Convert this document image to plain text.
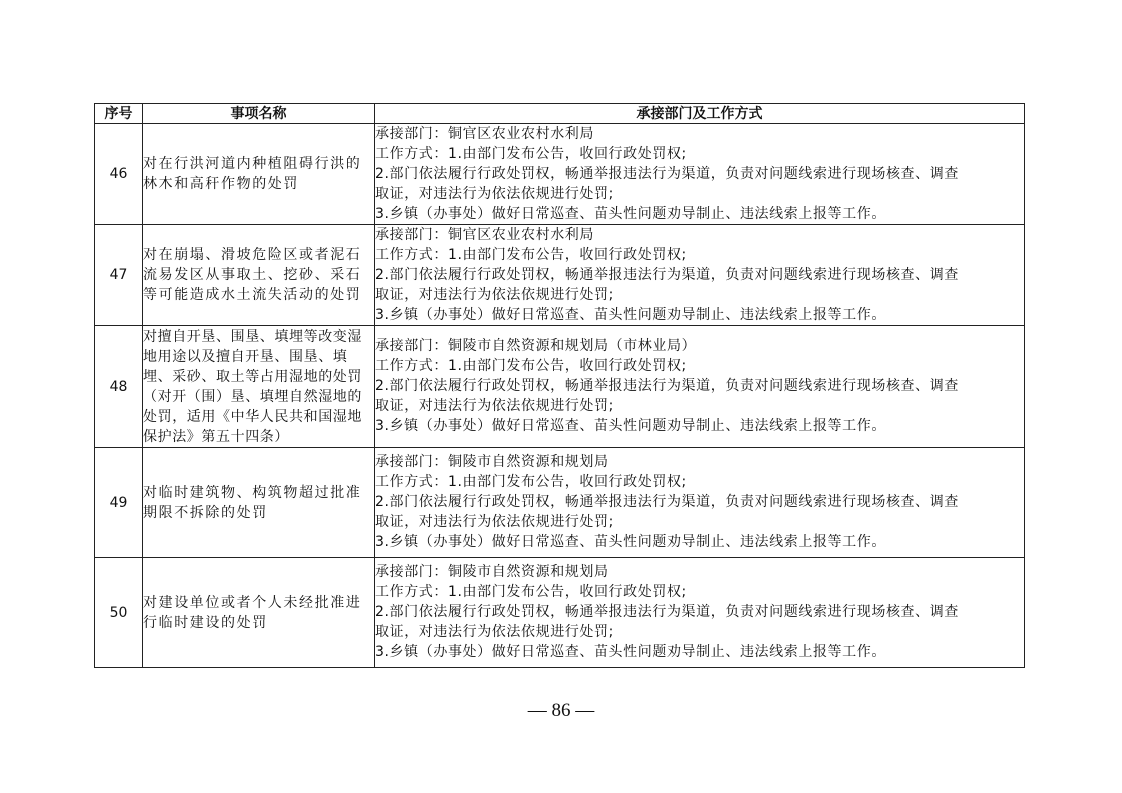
序号	事项名称	承接部门及工作方式
46	对在行洪河道内种植阻碍行洪的林木和高秆作物的处罚	承接部门：铜官区农业农村水利局
工作方式：1.由部门发布公告，收回行政处罚权;
2.部门依法履行行政处罚权，畅通举报违法行为渠道，负责对问题线索进行现场核查、调查
取证，对违法行为依法依规进行处罚;
3.乡镇（办事处）做好日常巡查、苗头性问题劝导制止、违法线索上报等工作。

47	对在崩塌、滑坡危险区或者泥石流易发区从事取土、挖砂、采石等可能造成水土流失活动的处罚	承接部门：铜官区农业农村水利局
工作方式：1.由部门发布公告，收回行政处罚权;
2.部门依法履行行政处罚权，畅通举报违法行为渠道，负责对问题线索进行现场核查、调查
取证，对违法行为依法依规进行处罚;
3.乡镇（办事处）做好日常巡查、苗头性问题劝导制止、违法线索上报等工作。

48	对擅自开垦、围垦、填埋等改变湿地用途以及擅自开垦、围垦、填埋、采砂、取土等占用湿地的处罚（对开（围）垦、填埋自然湿地的处罚，适用《中华人民共和国湿地保护法》第五十四条）	承接部门：铜陵市自然资源和规划局（市林业局）
工作方式：1.由部门发布公告，收回行政处罚权;
2.部门依法履行行政处罚权，畅通举报违法行为渠道，负责对问题线索进行现场核查、调查
取证，对违法行为依法依规进行处罚;
3.乡镇（办事处）做好日常巡查、苗头性问题劝导制止、违法线索上报等工作。

49	对临时建筑物、构筑物超过批准期限不拆除的处罚	承接部门：铜陵市自然资源和规划局
工作方式：1.由部门发布公告，收回行政处罚权;
2.部门依法履行行政处罚权，畅通举报违法行为渠道，负责对问题线索进行现场核查、调查
取证，对违法行为依法依规进行处罚;
3.乡镇（办事处）做好日常巡查、苗头性问题劝导制止、违法线索上报等工作。

50	对建设单位或者个人未经批准进行临时建设的处罚	承接部门：铜陵市自然资源和规划局
工作方式：1.由部门发布公告，收回行政处罚权;
2.部门依法履行行政处罚权，畅通举报违法行为渠道，负责对问题线索进行现场核查、调查
取证，对违法行为依法依规进行处罚;
3.乡镇（办事处）做好日常巡查、苗头性问题劝导制止、违法线索上报等工作。
— 86 —
